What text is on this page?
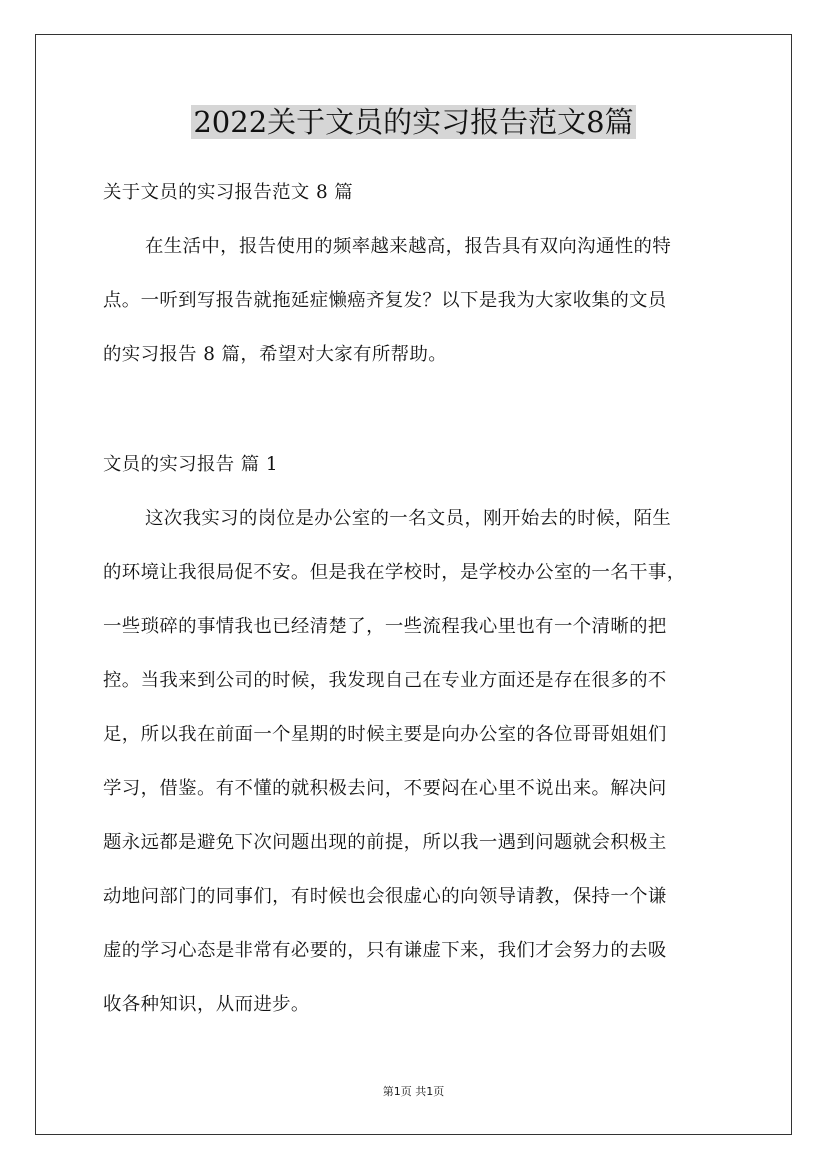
2022关于文员的实习报告范文8篇
关于文员的实习报告范文 8 篇
在生活中，报告使用的频率越来越高，报告具有双向沟通性的特
点。一听到写报告就拖延症懒癌齐复发？以下是我为大家收集的文员
的实习报告 8 篇，希望对大家有所帮助。
文员的实习报告 篇 1
这次我实习的岗位是办公室的一名文员，刚开始去的时候，陌生
的环境让我很局促不安。但是我在学校时，是学校办公室的一名干事，
一些琐碎的事情我也已经清楚了，一些流程我心里也有一个清晰的把
控。当我来到公司的时候，我发现自己在专业方面还是存在很多的不
足，所以我在前面一个星期的时候主要是向办公室的各位哥哥姐姐们
学习，借鉴。有不懂的就积极去问，不要闷在心里不说出来。解决问
题永远都是避免下次问题出现的前提，所以我一遇到问题就会积极主
动地问部门的同事们，有时候也会很虚心的向领导请教，保持一个谦
虚的学习心态是非常有必要的，只有谦虚下来，我们才会努力的去吸
收各种知识，从而进步。
第1页 共1页
